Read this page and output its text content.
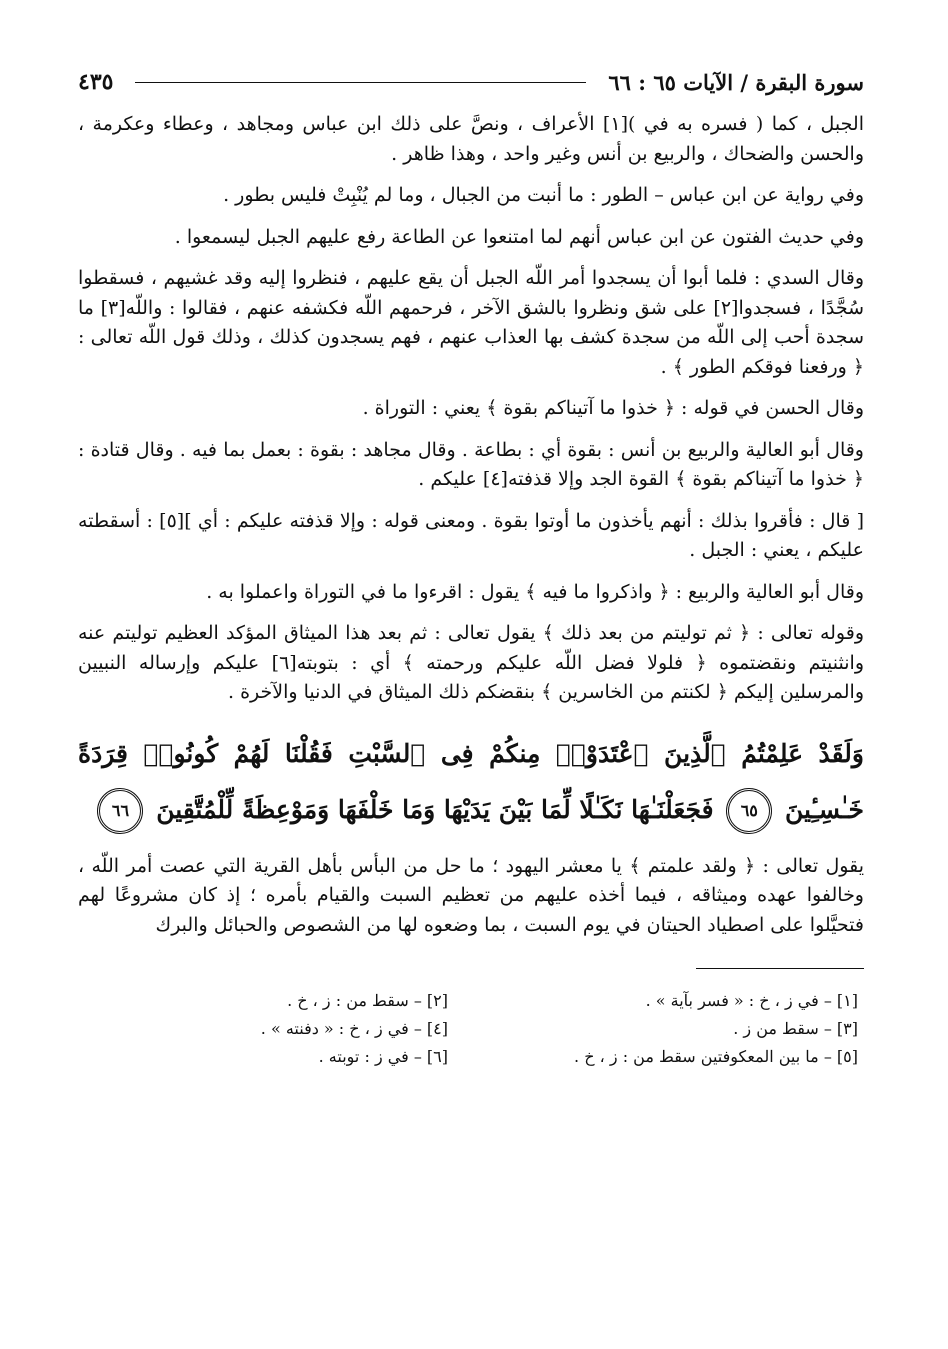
سورة البقرة / الآيات ٦٥ : ٦٦
٤٣٥

الجبل ، كما ( فسره به في )[١] الأعراف ، ونصَّ على ذلك ابن عباس ومجاهد ، وعطاء وعكرمة ، والحسن والضحاك ، والربيع بن أنس وغير واحد ، وهذا ظاهر .

وفي رواية عن ابن عباس – الطور : ما أنبت من الجبال ، وما لم يُنْبِتْ فليس بطور .

وفي حديث الفتون عن ابن عباس أنهم لما امتنعوا عن الطاعة رفع عليهم الجبل ليسمعوا .

وقال السدي : فلما أبوا أن يسجدوا أمر اللّه الجبل أن يقع عليهم ، فنظروا إليه وقد غشيهم ، فسقطوا سُجَّدًا ، فسجدوا[٢] على شق ونظروا بالشق الآخر ، فرحمهم اللّه فكشفه عنهم ، فقالوا : واللّه[٣] ما سجدة أحب إلى اللّه من سجدة كشف بها العذاب عنهم ، فهم يسجدون كذلك ، وذلك قول اللّه تعالى : ﴿ ورفعنا فوقكم الطور ﴾ .

وقال الحسن في قوله : ﴿ خذوا ما آتيناكم بقوة ﴾ يعني : التوراة .

وقال أبو العالية والربيع بن أنس : بقوة أي : بطاعة . وقال مجاهد : بقوة : بعمل بما فيه . وقال قتادة : ﴿ خذوا ما آتيناكم بقوة ﴾ القوة الجد وإلا قذفته[٤] عليكم .

[ قال : فأقروا بذلك : أنهم يأخذون ما أوتوا بقوة . ومعنى قوله : وإلا قذفته عليكم : أي ][٥] : أسقطته عليكم ، يعني : الجبل .

وقال أبو العالية والربيع : ﴿ واذكروا ما فيه ﴾ يقول : اقرءوا ما في التوراة واعملوا به .

وقوله تعالى : ﴿ ثم توليتم من بعد ذلك ﴾ يقول تعالى : ثم بعد هذا الميثاق المؤكد العظيم توليتم عنه وانثنيتم ونقضتموه ﴿ فلولا فضل اللّه عليكم ورحمته ﴾ أي : بتوبته[٦] عليكم وإرساله النبيين والمرسلين إليكم ﴿ لكنتم من الخاسرين ﴾ بنقضكم ذلك الميثاق في الدنيا والآخرة .

وَلَقَدْ عَلِمْتُمُ ٱلَّذِينَ ٱعْتَدَوْا۟ مِنكُمْ فِى ٱلسَّبْتِ فَقُلْنَا لَهُمْ كُونُوا۟ قِرَدَةً خَـٰسِـِٔينَ ٦٥ فَجَعَلْنَـٰهَا نَكَـٰلًا لِّمَا بَيْنَ يَدَيْهَا وَمَا خَلْفَهَا وَمَوْعِظَةً لِّلْمُتَّقِينَ ٦٦

يقول تعالى : ﴿ ولقد علمتم ﴾ يا معشر اليهود ؛ ما حل من البأس بأهل القرية التي عصت أمر اللّه ، وخالفوا عهده وميثاقه ، فيما أخذه عليهم من تعظيم السبت والقيام بأمره ؛ إذ كان مشروعًا لهم فتحيَّلوا على اصطياد الحيتان في يوم السبت ، بما وضعوه لها من الشصوص والحبائل والبرك

[١] – في ز ، خ : « فسر بآية » .
[٢] – سقط من : ز ، خ .
[٣] – سقط من ز .
[٤] – في ز ، خ : « دفنته » .
[٥] – ما بين المعكوفتين سقط من : ز ، خ .
[٦] – في ز : توبته .
